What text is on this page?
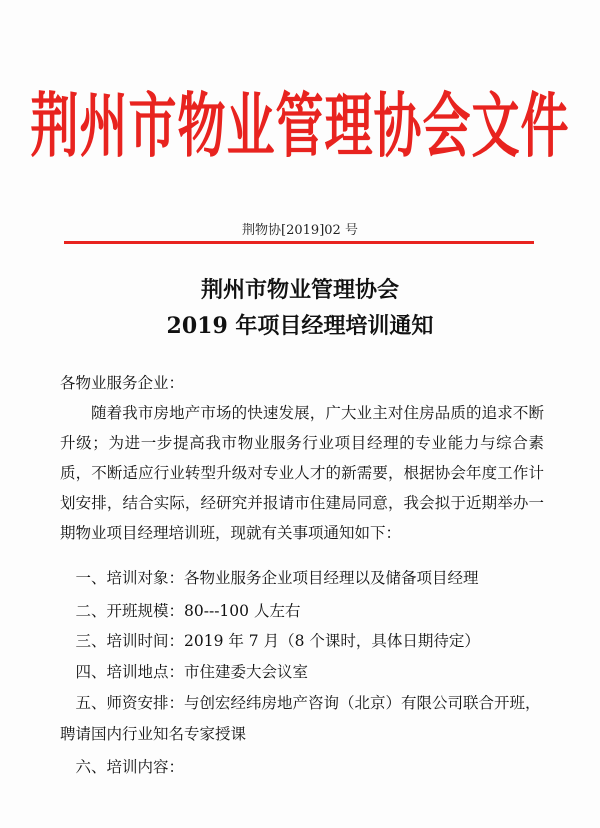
荆州市物业管理协会文件
荆物协[2019]02 号
荆州市物业管理协会
2019 年项目经理培训通知
各物业服务企业：

随着我市房地产市场的快速发展，广大业主对住房品质的追求不断升级；为进一步提高我市物业服务行业项目经理的专业能力与综合素质，不断适应行业转型升级对专业人才的新需要，根据协会年度工作计划安排，结合实际，经研究并报请市住建局同意，我会拟于近期举办一期物业项目经理培训班，现就有关事项通知如下：

一、培训对象：各物业服务企业项目经理以及储备项目经理
二、开班规模：80---100 人左右
三、培训时间：2019 年 7 月（8 个课时，具体日期待定）
四、培训地点：市住建委大会议室
五、师资安排：与创宏经纬房地产咨询（北京）有限公司联合开班，聘请国内行业知名专家授课
六、培训内容：
